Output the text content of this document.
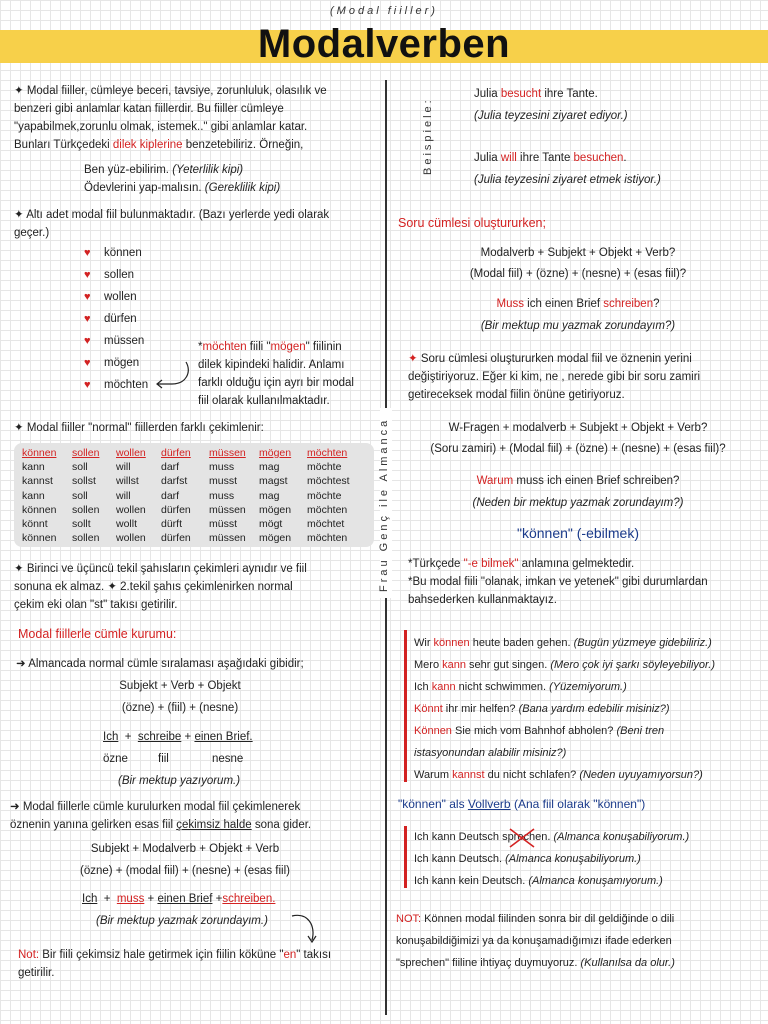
(Modal fiiller)
Modalverben
Frau Genç ile Almanca
✦ Modal fiiller, cümleye beceri, tavsiye, zorunluluk, olasılık ve
benzeri gibi anlamlar katan fiillerdir. Bu fiiller cümleye
"yapabilmek,zorunlu olmak, istemek.." gibi anlamlar katar.
Bunları Türkçedeki dilek kiplerine benzetebiliriz. Örneğin,
Ben yüz-ebilirim. (Yeterlilik kipi)
Ödevlerini yap-malısın. (Gereklilik kipi)
✦ Altı adet modal fiil bulunmaktadır. (Bazı yerlerde yedi olarak
geçer.)
♥ können
♥ sollen
♥ wollen
♥ dürfen
♥ müssen
♥ mögen
♥ möchten
*möchten fiili "mögen" fiilinin
dilek kipindeki halidir. Anlamı
farklı olduğu için ayrı bir modal
fiil olarak kullanılmaktadır.
✦ Modal fiiller "normal" fiillerden farklı çekimlenir:
können
kann
kannst
kann
können
könnt
können
sollen
soll
sollst
soll
sollen
sollt
sollen
wollen
will
willst
will
wollen
wollt
wollen
dürfen
darf
darfst
darf
dürfen
dürft
dürfen
müssen
muss
musst
muss
müssen
müsst
müssen
mögen
mag
magst
mag
mögen
mögt
mögen
möchten
möchte
möchtest
möchte
möchten
möchtet
möchten
✦ Birinci ve üçüncü tekil şahısların çekimleri aynıdır ve fiil
sonuna ek almaz. ✦ 2.tekil şahıs çekimlenirken normal
çekim eki olan "st" takısı getirilir.
Modal fiillerle cümle kurumu:
➜ Almancada normal cümle sıralaması aşağıdaki gibidir;
Subjekt + Verb + Objekt
(özne) + (fiil) + (nesne)
Ich + schreibe + einen Brief.
özne	fiil	nesne
(Bir mektup yazıyorum.)
➜ Modal fiillerle cümle kurulurken modal fiil çekimlenerek
öznenin yanına gelirken esas fiil çekimsiz halde sona gider.
Subjekt + Modalverb + Objekt + Verb
(özne) + (modal fiil) + (nesne) + (esas fiil)
Ich + muss + einen Brief +schreiben.
(Bir mektup yazmak zorundayım.)
Not: Bir fiili çekimsiz hale getirmek için fiilin köküne "en" takısı
getirilir.
Beispiele:
Julia besucht ihre Tante.
(Julia teyzesini ziyaret ediyor.)
Julia will ihre Tante besuchen.
(Julia teyzesini ziyaret etmek istiyor.)
Soru cümlesi oluştururken;
Modalverb + Subjekt + Objekt + Verb?
(Modal fiil) + (özne) + (nesne) + (esas fiil)?
Muss ich einen Brief schreiben?
(Bir mektup mu yazmak zorundayım?)
✦ Soru cümlesi oluştururken modal fiil ve öznenin yerini
değiştiriyoruz. Eğer ki kim, ne , nerede gibi bir soru zamiri
getireceksek modal fiilin önüne getiriyoruz.
W-Fragen + modalverb + Subjekt + Objekt + Verb?
(Soru zamiri) + (Modal fiil) + (özne) + (nesne) + (esas fiil)?
Warum muss ich einen Brief schreiben?
(Neden bir mektup yazmak zorundayım?)
"können" (-ebilmek)
*Türkçede "-e bilmek" anlamına gelmektedir.
*Bu modal fiili "olanak, imkan ve yetenek" gibi durumlardan
bahsederken kullanmaktayız.
Wir können heute baden gehen. (Bugün yüzmeye gidebiliriz.)
Mero kann sehr gut singen. (Mero çok iyi şarkı söyleyebiliyor.)
Ich kann nicht schwimmen. (Yüzemiyorum.)
Könnt ihr mir helfen? (Bana yardım edebilir misiniz?)
Können Sie mich vom Bahnhof abholen? (Beni tren
istasyonundan alabilir misiniz?)
Warum kannst du nicht schlafen? (Neden uyuyamıyorsun?)
"können" als Vollverb (Ana fiil olarak "können")
Ich kann Deutsch sprechen
. (Almanca konuşabiliyorum.)
Ich kann Deutsch. (Almanca konuşabiliyorum.)
Ich kann kein Deutsch. (Almanca konuşamıyorum.)
NOT: Können modal fiilinden sonra bir dil geldiğinde o dili
konuşabildiğimizi ya da konuşamadığımızı ifade ederken
"sprechen" fiiline ihtiyaç duymuyoruz. (Kullanılsa da olur.)
